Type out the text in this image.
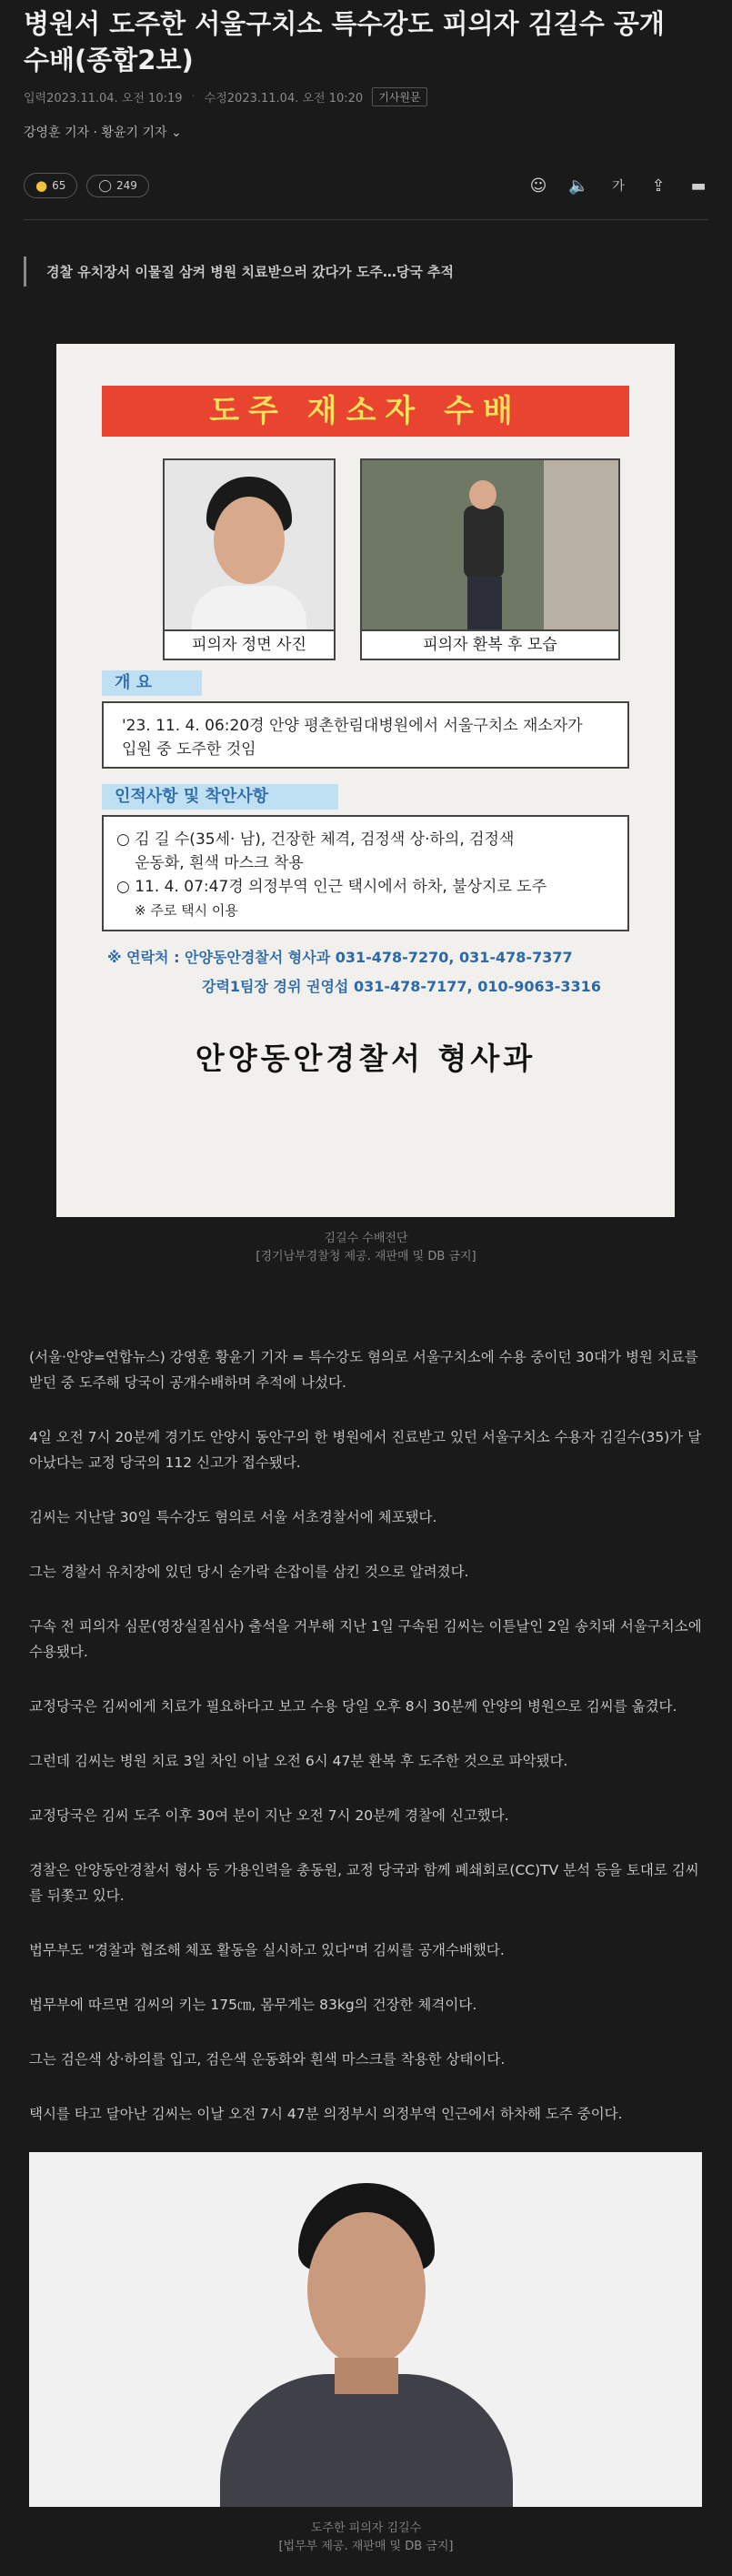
병원서 도주한 서울구치소 특수강도 피의자 김길수 공개
수배(종합2보)
입력2023.11.04. 오전 10:19 · 수정2023.11.04. 오전 10:20	기사원문
강영훈 기자 · 황윤기 기자 ⌄
● 65	◯ 249	☺ 🔈	가 ⇪ ▬
경찰 유치장서 이물질 삼켜 병원 치료받으러 갔다가 도주…당국 추적
도주 재소자 수배
피의자 정면 사진	피의자 환복 후 모습
개 요
'23. 11. 4. 06:20경 안양 평촌한림대병원에서 서울구치소 재소자가
입원 중 도주한 것임
인적사항 및 착안사항
○ 김 길 수(35세· 남), 건장한 체격, 검정색 상·하의, 검정색
운동화, 흰색 마스크 착용
○ 11. 4. 07:47경 의정부역 인근 택시에서 하차, 불상지로 도주
※ 주로 택시 이용
※ 연락처 : 안양동안경찰서 형사과 031-478-7270, 031-478-7377
강력1팀장 경위 권영섭 031-478-7177, 010-9063-3316
안양동안경찰서 형사과
김길수 수배전단
[경기남부경찰청 제공. 재판매 및 DB 금지]

(서울·안양=연합뉴스) 강영훈 황윤기 기자 = 특수강도 혐의로 서울구치소에 수용 중이던 30대가 병원 치료를 받던 중 도주해 당국이 공개수배하며 추적에 나섰다.

4일 오전 7시 20분께 경기도 안양시 동안구의 한 병원에서 진료받고 있던 서울구치소 수용자 김길수(35)가 달아났다는 교정 당국의 112 신고가 접수됐다.

김씨는 지난달 30일 특수강도 혐의로 서울 서초경찰서에 체포됐다.

그는 경찰서 유치장에 있던 당시 숟가락 손잡이를 삼킨 것으로 알려졌다.

구속 전 피의자 심문(영장실질심사) 출석을 거부해 지난 1일 구속된 김씨는 이튿날인 2일 송치돼 서울구치소에 수용됐다.

교정당국은 김씨에게 치료가 필요하다고 보고 수용 당일 오후 8시 30분께 안양의 병원으로 김씨를 옮겼다.

그런데 김씨는 병원 치료 3일 차인 이날 오전 6시 47분 환복 후 도주한 것으로 파악됐다.

교정당국은 김씨 도주 이후 30여 분이 지난 오전 7시 20분께 경찰에 신고했다.

경찰은 안양동안경찰서 형사 등 가용인력을 총동원, 교정 당국과 함께 폐쇄회로(CC)TV 분석 등을 토대로 김씨를 뒤쫓고 있다.

법무부도 "경찰과 협조해 체포 활동을 실시하고 있다"며 김씨를 공개수배했다.

법무부에 따르면 김씨의 키는 175㎝, 몸무게는 83kg의 건장한 체격이다.

그는 검은색 상·하의를 입고, 검은색 운동화와 흰색 마스크를 착용한 상태이다.

택시를 타고 달아난 김씨는 이날 오전 7시 47분 의정부시 의정부역 인근에서 하차해 도주 중이다.

도주한 피의자 김길수
[법무부 제공. 재판매 및 DB 금지]
